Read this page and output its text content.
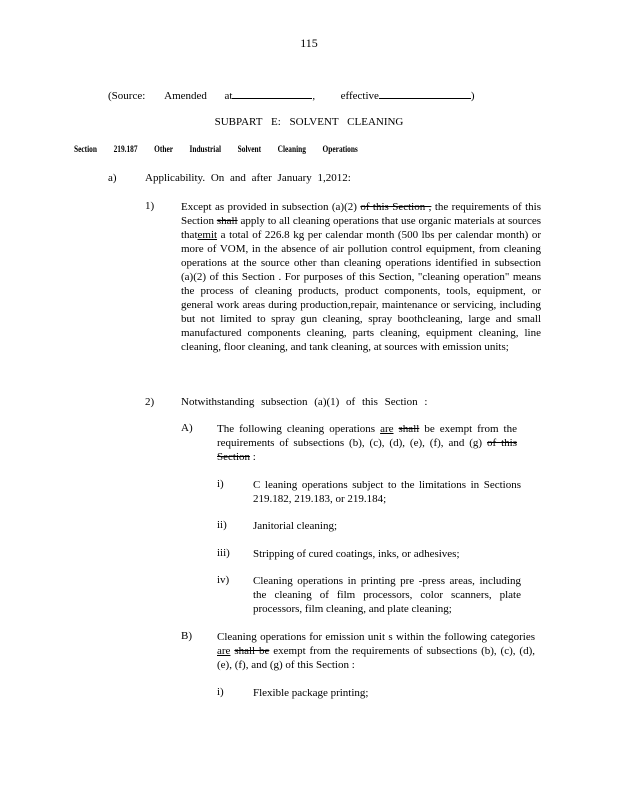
115
(Source: Amended at	,  effective	)
SUBPART E: SOLVENT CLEANING
Section 219.187 Other Industrial Solvent Cleaning Operations
a)	Applicability. On and after January 1,2012:
1) Except as provided in subsection (a)(2) of this Section , the requirements of this Section shall apply to all cleaning operations that use organic materials at sources thatemit a total of 226.8 kg per calendar month (500 lbs per calendar month) or more of VOM, in the absence of air pollution control equipment, from cleaning operations at the source other than cleaning operations identified in subsection (a)(2) of this Section . For purposes of this Section, "cleaning operation" means the process of cleaning products, product components, tools, equipment, or general work areas during production,repair, maintenance or servicing, including but not limited to spray gun cleaning, spray boothcleaning, large and small manufactured components cleaning, parts cleaning, equipment cleaning, line cleaning, floor cleaning, and tank cleaning, at sources with emission units;

2) Notwithstanding subsection (a)(1) of this Section :
A) The following cleaning operations are shall be exempt from the requirements of subsections (b), (c), (d), (e), (f), and (g) of this Section :

i)	C leaning operations subject to the limitations in Sections 219.182, 219.183, or 219.184;
ii) Janitorial cleaning;
iii) Stripping of cured coatings, inks, or adhesives;
iv) Cleaning operations in printing pre -press areas, including the cleaning of film processors, color scanners, plate processors, film cleaning, and plate cleaning;
B) Cleaning operations for emission unit s within the following categories are shall be exempt from the requirements of subsections (b), (c), (d), (e), (f), and (g) of this Section :

i)	Flexible package printing;
